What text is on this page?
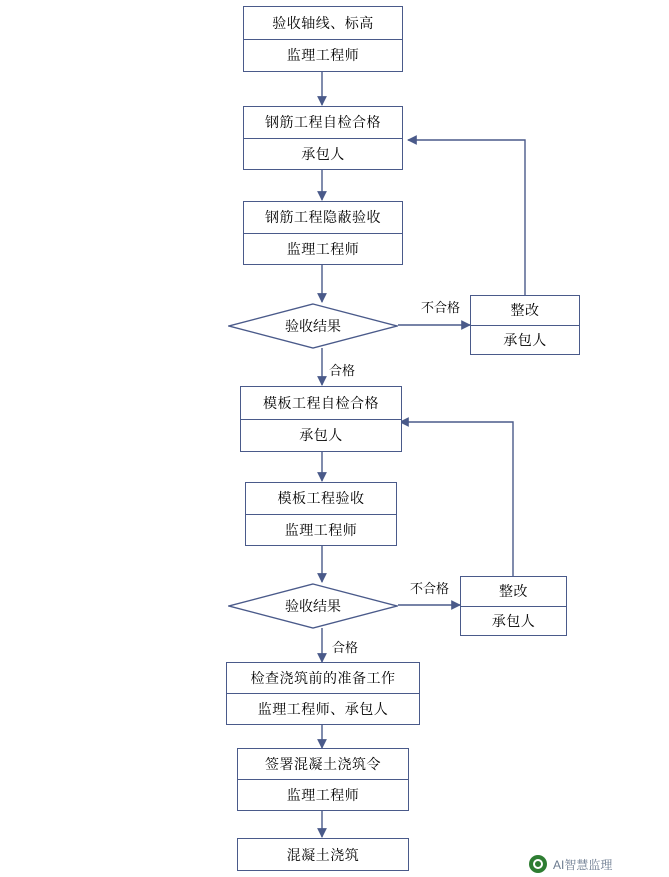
验收轴线、标高
监理工程师
钢筋工程自检合格
承包人
钢筋工程隐蔽验收
监理工程师
验收结果
整改
承包人
模板工程自检合格
承包人
模板工程验收
监理工程师
验收结果
整改
承包人
检查浇筑前的准备工作
监理工程师、承包人
签署混凝土浇筑令
监理工程师
混凝土浇筑
不合格
合格
不合格
合格
AI智慧监理
